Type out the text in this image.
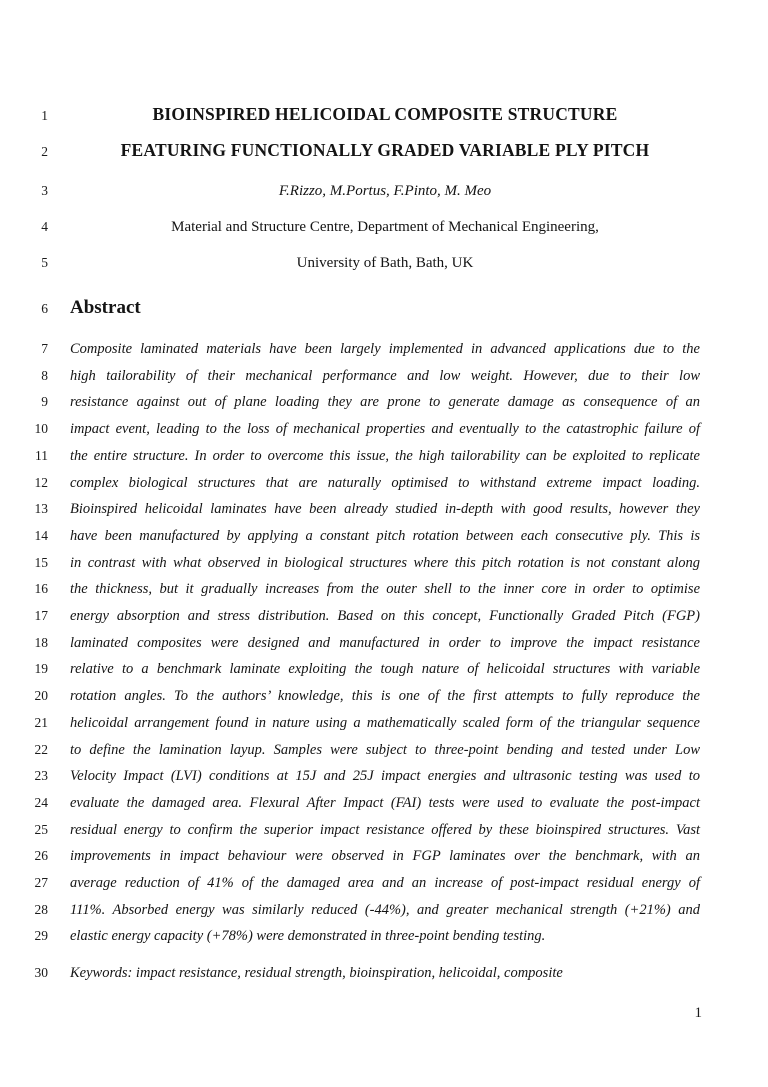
1	BIOINSPIRED HELICOIDAL COMPOSITE STRUCTURE
2	FEATURING FUNCTIONALLY GRADED VARIABLE PLY PITCH
3	F.Rizzo, M.Portus, F.Pinto, M. Meo
4	Material and Structure Centre, Department of Mechanical Engineering,
5	University of Bath, Bath, UK
6 Abstract
7 Composite laminated materials have been largely implemented in advanced applications due to the
8 high tailorability of their mechanical performance and low weight. However, due to their low
9 resistance against out of plane loading they are prone to generate damage as consequence of an
10 impact event, leading to the loss of mechanical properties and eventually to the catastrophic failure of
11 the entire structure. In order to overcome this issue, the high tailorability can be exploited to replicate
12 complex biological structures that are naturally optimised to withstand extreme impact loading.
13 Bioinspired helicoidal laminates have been already studied in-depth with good results, however they
14 have been manufactured by applying a constant pitch rotation between each consecutive ply. This is
15 in contrast with what observed in biological structures where this pitch rotation is not constant along
16 the thickness, but it gradually increases from the outer shell to the inner core in order to optimise
17 energy absorption and stress distribution. Based on this concept, Functionally Graded Pitch (FGP)
18 laminated composites were designed and manufactured in order to improve the impact resistance
19 relative to a benchmark laminate exploiting the tough nature of helicoidal structures with variable
20 rotation angles. To the authors’ knowledge, this is one of the first attempts to fully reproduce the
21 helicoidal arrangement found in nature using a mathematically scaled form of the triangular sequence
22 to define the lamination layup. Samples were subject to three-point bending and tested under Low
23 Velocity Impact (LVI) conditions at 15J and 25J impact energies and ultrasonic testing was used to
24 evaluate the damaged area. Flexural After Impact (FAI) tests were used to evaluate the post-impact
25 residual energy to confirm the superior impact resistance offered by these bioinspired structures. Vast
26 improvements in impact behaviour were observed in FGP laminates over the benchmark, with an
27 average reduction of 41% of the damaged area and an increase of post-impact residual energy of
28 111%. Absorbed energy was similarly reduced (-44%), and greater mechanical strength (+21%) and
29 elastic energy capacity (+78%) were demonstrated in three-point bending testing.
30 Keywords: impact resistance, residual strength, bioinspiration, helicoidal, composite
1
